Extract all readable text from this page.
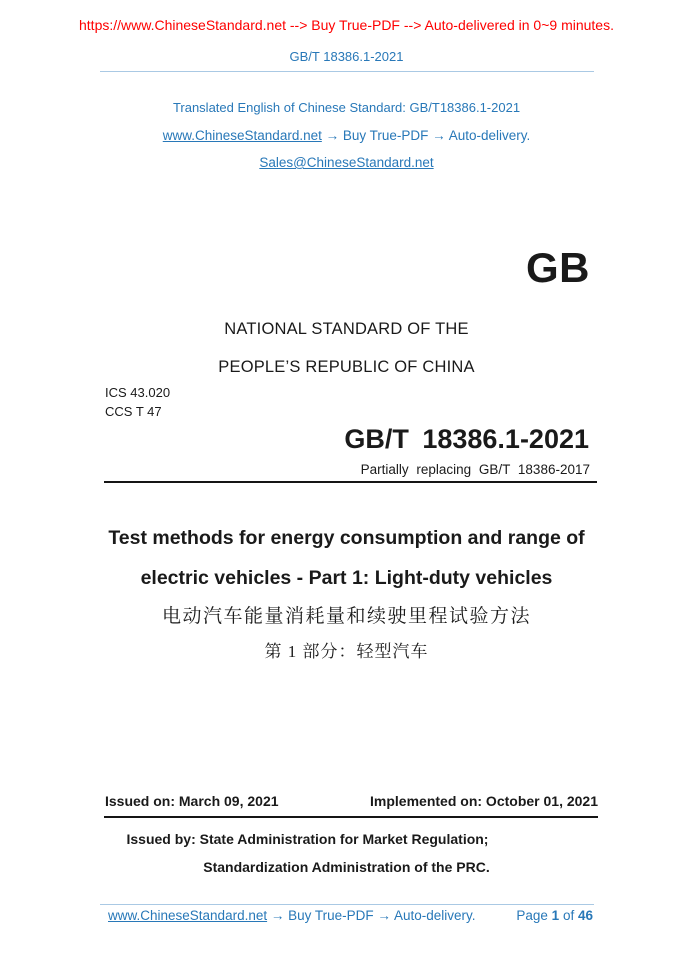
https://www.ChineseStandard.net --> Buy True-PDF --> Auto-delivered in 0~9 minutes.
GB/T 18386.1-2021
Translated English of Chinese Standard: GB/T18386.1-2021
www.ChineseStandard.net → Buy True-PDF → Auto-delivery.
Sales@ChineseStandard.net
GB
NATIONAL STANDARD OF THE
PEOPLE’S REPUBLIC OF CHINA
ICS 43.020
CCS T 47
GB/T 18386.1-2021
Partially replacing GB/T 18386-2017
Test methods for energy consumption and range of
electric vehicles - Part 1: Light-duty vehicles
电动汽车能量消耗量和续驶里程试验方法
第 1 部分：轻型汽车
Issued on: March 09, 2021	Implemented on: October 01, 2021
Issued by: State Administration for Market Regulation;
Standardization Administration of the PRC.
www.ChineseStandard.net → Buy True-PDF → Auto-delivery.	Page 1 of 46
